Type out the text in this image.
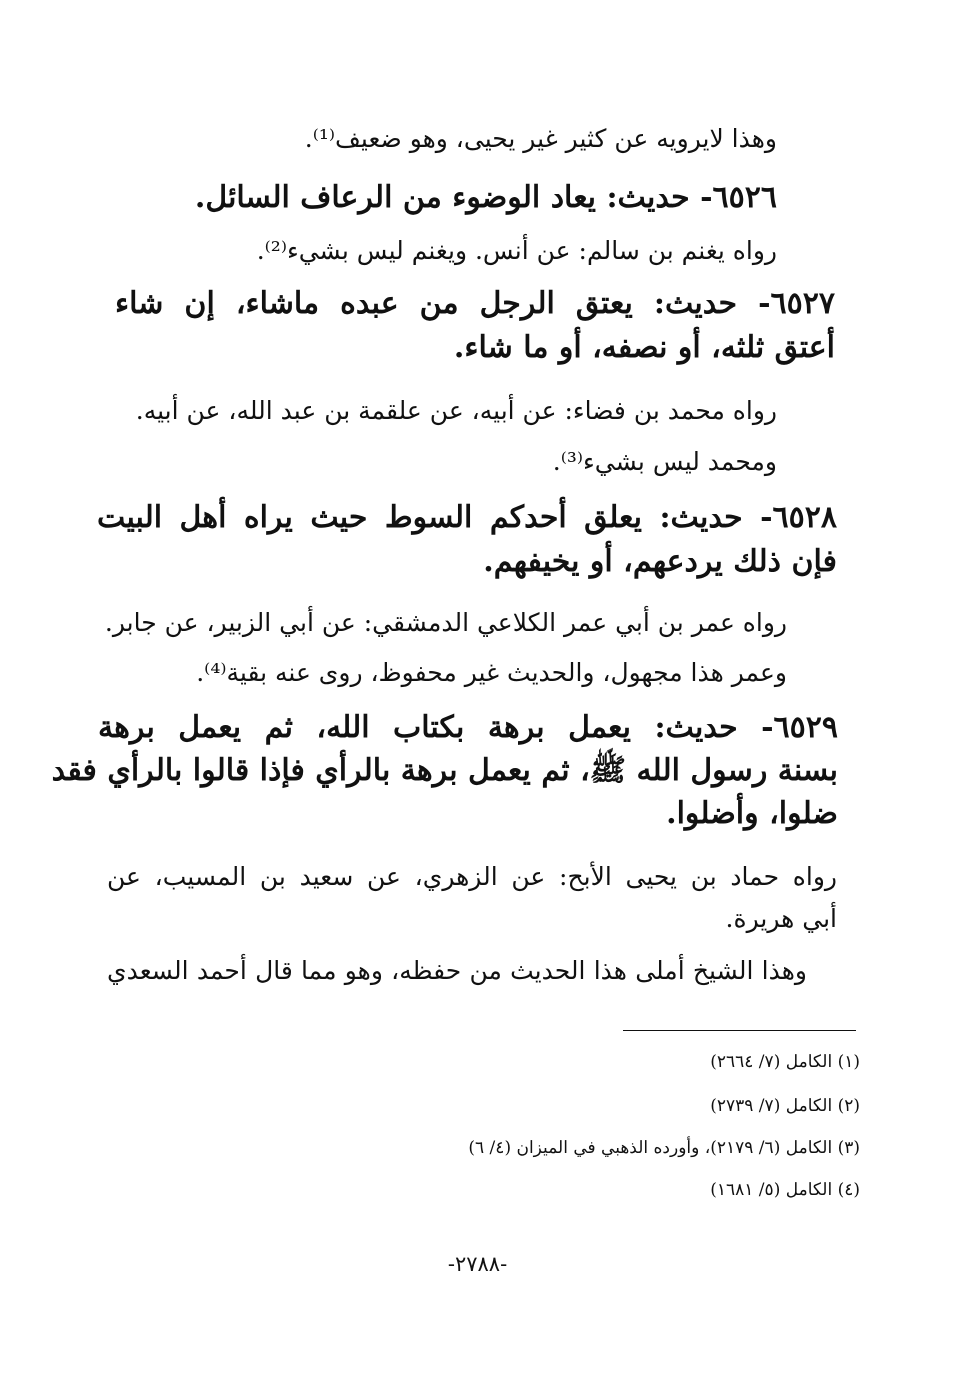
وهذا لايرويه عن كثير غير يحيى، وهو ضعيف⁽¹⁾.
٦٥٢٦- حديث: يعاد الوضوء من الرعاف السائل.
رواه يغنم بن سالم: عن أنس. ويغنم ليس بشيء⁽²⁾.
٦٥٢٧- حديث: يعتق الرجل من عبده ماشاء، إن شاء
أعتق ثلثه، أو نصفه، أو ما شاء.
رواه محمد بن فضاء: عن أبيه، عن علقمة بن عبد الله، عن أبيه.
ومحمد ليس بشيء⁽³⁾.
٦٥٢٨- حديث: يعلق أحدكم السوط حيث يراه أهل البيت
فإن ذلك يردعهم، أو يخيفهم.
رواه عمر بن أبي عمر الكلاعي الدمشقي: عن أبي الزبير، عن جابر.
وعمر هذا مجهول، والحديث غير محفوظ، روى عنه بقية⁽⁴⁾.
٦٥٢٩- حديث: يعمل برهة بكتاب الله، ثم يعمل برهة
بسنة رسول الله ﷺ، ثم يعمل برهة بالرأي فإذا قالوا بالرأي فقد
ضلوا، وأضلوا.
رواه حماد بن يحيى الأبح: عن الزهري، عن سعيد بن المسيب، عن
أبي هريرة.
وهذا الشيخ أملى هذا الحديث من حفظه، وهو مما قال أحمد السعدي
(١) الكامل (٧/ ٢٦٦٤)
(٢) الكامل (٧/ ٢٧٣٩)
(٣) الكامل (٦/ ٢١٧٩)، وأورده الذهبي في الميزان (٤/ ٦)
(٤) الكامل (٥/ ١٦٨١)
-٢٧٨٨-
